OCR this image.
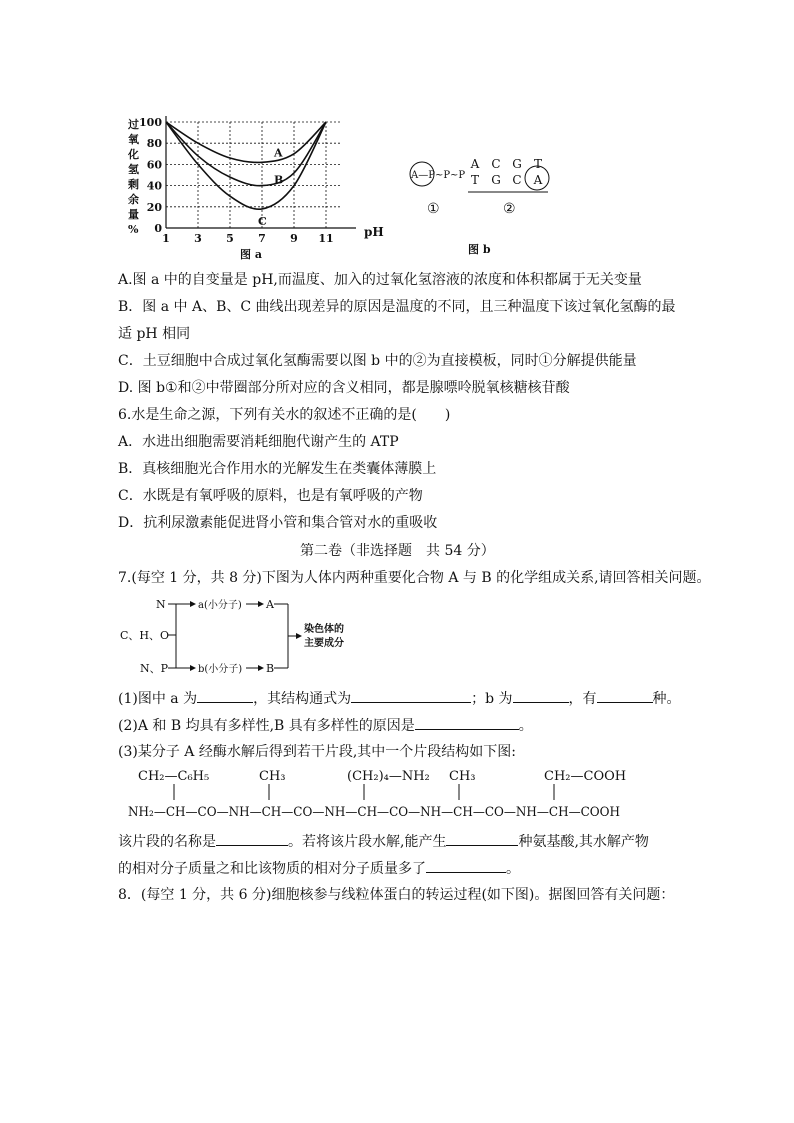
过氧化氢剩余量%
100
80
60
40
20
0
1 3 5 7 9 11
A
B
C
pH
图 a
A—P~P~P
①
A C G T
T G C A
②
图 b
A.图 a 中的自变量是 pH,而温度、加入的过氧化氢溶液的浓度和体积都属于无关变量
B．图 a 中 A、B、C 曲线出现差异的原因是温度的不同，且三种温度下该过氧化氢酶的最
适 pH 相同
C．土豆细胞中合成过氧化氢酶需要以图 b 中的②为直接模板，同时①分解提供能量
D. 图 b①和②中带圈部分所对应的含义相同，都是腺嘌呤脱氧核糖核苷酸
6.水是生命之源，下列有关水的叙述不正确的是(　　)
A．水进出细胞需要消耗细胞代谢产生的 ATP
B．真核细胞光合作用水的光解发生在类囊体薄膜上
C．水既是有氧呼吸的原料，也是有氧呼吸的产物
D．抗利尿激素能促进肾小管和集合管对水的重吸收
第二卷（非选择题　共 54 分）
7.(每空 1 分，共 8 分)下图为人体内两种重要化合物 A 与 B 的化学组成关系,请回答相关问题。
N
C、H、O
N、P
a(小分子)
b(小分子)
A
B
染色体的
主要成分
(1)图中 a 为	，其结构通式为	；b 为	，有	种。
(2)A 和 B 均具有多样性,B 具有多样性的原因是	。
(3)某分子 A 经酶水解后得到若干片段,其中一个片段结构如下图:
CH₂—C₆H₅	CH₃	(CH₂)₄—NH₂ CH₃	CH₂—COOH
NH₂—CH—CO—NH—CH—CO—NH—CH—CO—NH—CH—CO—NH—CH—COOH
该片段的名称是	。若将该片段水解,能产生	种氨基酸,其水解产物
的相对分子质量之和比该物质的相对分子质量多了	。
8．(每空 1 分，共 6 分)细胞核参与线粒体蛋白的转运过程(如下图)。据图回答有关问题：
